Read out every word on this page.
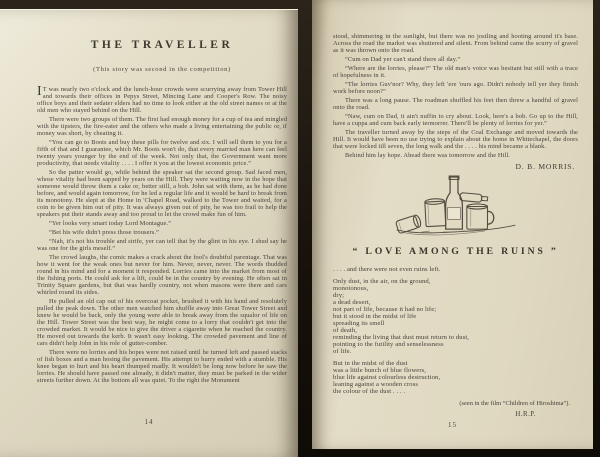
THE TRAVELLER
(This story was second in the competition)

I T was nearly two o'clock and the lunch-hour crowds were scurrying away from Tower Hill and towards their offices in Pepys Street, Mincing Lane and Cooper's Row. The noisy office boys and their sedater elders had no time to look either at the old street names or at the old men who stayed behind on the Hill.

There were two groups of them. The first had enough money for a cup of tea and mingled with the tipsters, the fire-eater and the others who made a living entertaining the public or, if money was short, by cheating it.

“You can go to Boots and buy these pills for twelve and six. I will sell them to you for a fifth of that and I guarantee, which Mr. Boots won't do, that every married man here can feel twenty years younger by the end of the week. Not only that, the Government want more productivity, that needs vitality . . . . I offer it you at the lowest economic price.”

So the patter would go, while behind the speaker sat the second group. Sad faced men, whose vitality had been sapped by years on the Hill. They were waiting now in the hope that someone would throw them a cake or, better still, a bob. John sat with them, as he had done before, and would again tomorrow, for he led a regular life and it would be hard to break from its monotony. He slept at the Home in 'Chapel Road, walked to the Tower and waited, for a coin to be given him out of pity. It was always given out of pity, he was too frail to help the speakers put their stands away and too proud to let the crowd make fun of him.

“Yer looks very smart today Lord Montague.”

“Bet his wife didn't press those trousers.”

“Nah, it's not his trouble and strife, yer can tell that by the glint in his eye. I shud say he was one for the girls meself.”

The crowd laughs, the comic makes a crack about the fool's doubtful parentage. That was how it went for the weak ones but never for him. Never, never, never. The words thudded round in his mind and for a moment it responded. Lorries came into the market from most of the fishing ports. He could ask for a lift, could be in the country by evening. He often sat in Trinity Square gardens, but that was hardly country, not when masons were there and cars whirled round its sides.

He pulled an old cap out of his overcoat pocket, brushed it with his hand and resolutely pulled the peak down. The other men watched him shuffle away into Great Tower Street and knew he would be back, only the young were able to break away from the squalor of life on the Hill. Tower Street was the best way, he might come to a lorry that couldn't get into the crowded market. It would be nice to give the driver a cigarette when he reached the country. He moved out towards the kerb. It wasn't easy looking. The crowded pavement and line of cars didn't help John in his role of gutter-comber.

There were no lorries and his hopes were not raised until he turned left and passed stacks of fish boxes and a man hosing the pavement. His attempt to hurry ended with a stumble. His knee began to hurt and his heart thumped madly. It wouldn't be long now before he saw the lorries. He should have passed one already, it didn't matter, they must be parked in the wider streets further down. At the bottom all was quiet. To the right the Monument

14

stood, shimmering in the sunlight, but there was no jostling and hooting around it's base. Across the road the market was shuttered and silent. From behind came the scurry of gravel as it was thrown onto the road.

“Cum on Dad yer can't stand there all day.”

“Where are the lorries, please?” The old man's voice was hesitant but still with a trace of hopefulness in it.

“The lorries Guv'nor? Why, they left 'ere 'ours ago. Didn't nobody tell yer they finish work before noon?”

There was a long pause. The roadman shuffled his feet then threw a handful of gravel onto the road.

“Naw, cum on Dad, it ain't nuffin to cry about. Look, here's a bob. Go up to the Hill, have a cuppa and cum back early termorrer. There'll be plenty of lorries for yer.”

The traveller turned away by the steps of the Coal Exchange and moved towards the Hill. It would have been no use trying to explain about the home in Whitechapel, the doors that were locked till seven, the long walk and the . . . . his mind became a blank.

Behind him lay hope. Ahead there was tomorrow and the Hill.

D. B. MORRIS.
“ LOVE AMONG THE RUINS ”
. . . . and there were not even ruins left.
Only dust, in the air, on the ground,
monotonous,
dry;
a dead desert,
not part of life, because it had no life;
but it stood in the midst of life
spreading its smell
of death,
reminding the living that dust must return to dust,
pointing to the futility and senselessness
of life.
But in the midst of the dust
was a little bunch of blue flowers,
blue life against colourless destruction,
leaning against a wooden cross
the colour of the dust . . . .
(seen in the film “Children of Hiroshima”).
H.R.P.
15
